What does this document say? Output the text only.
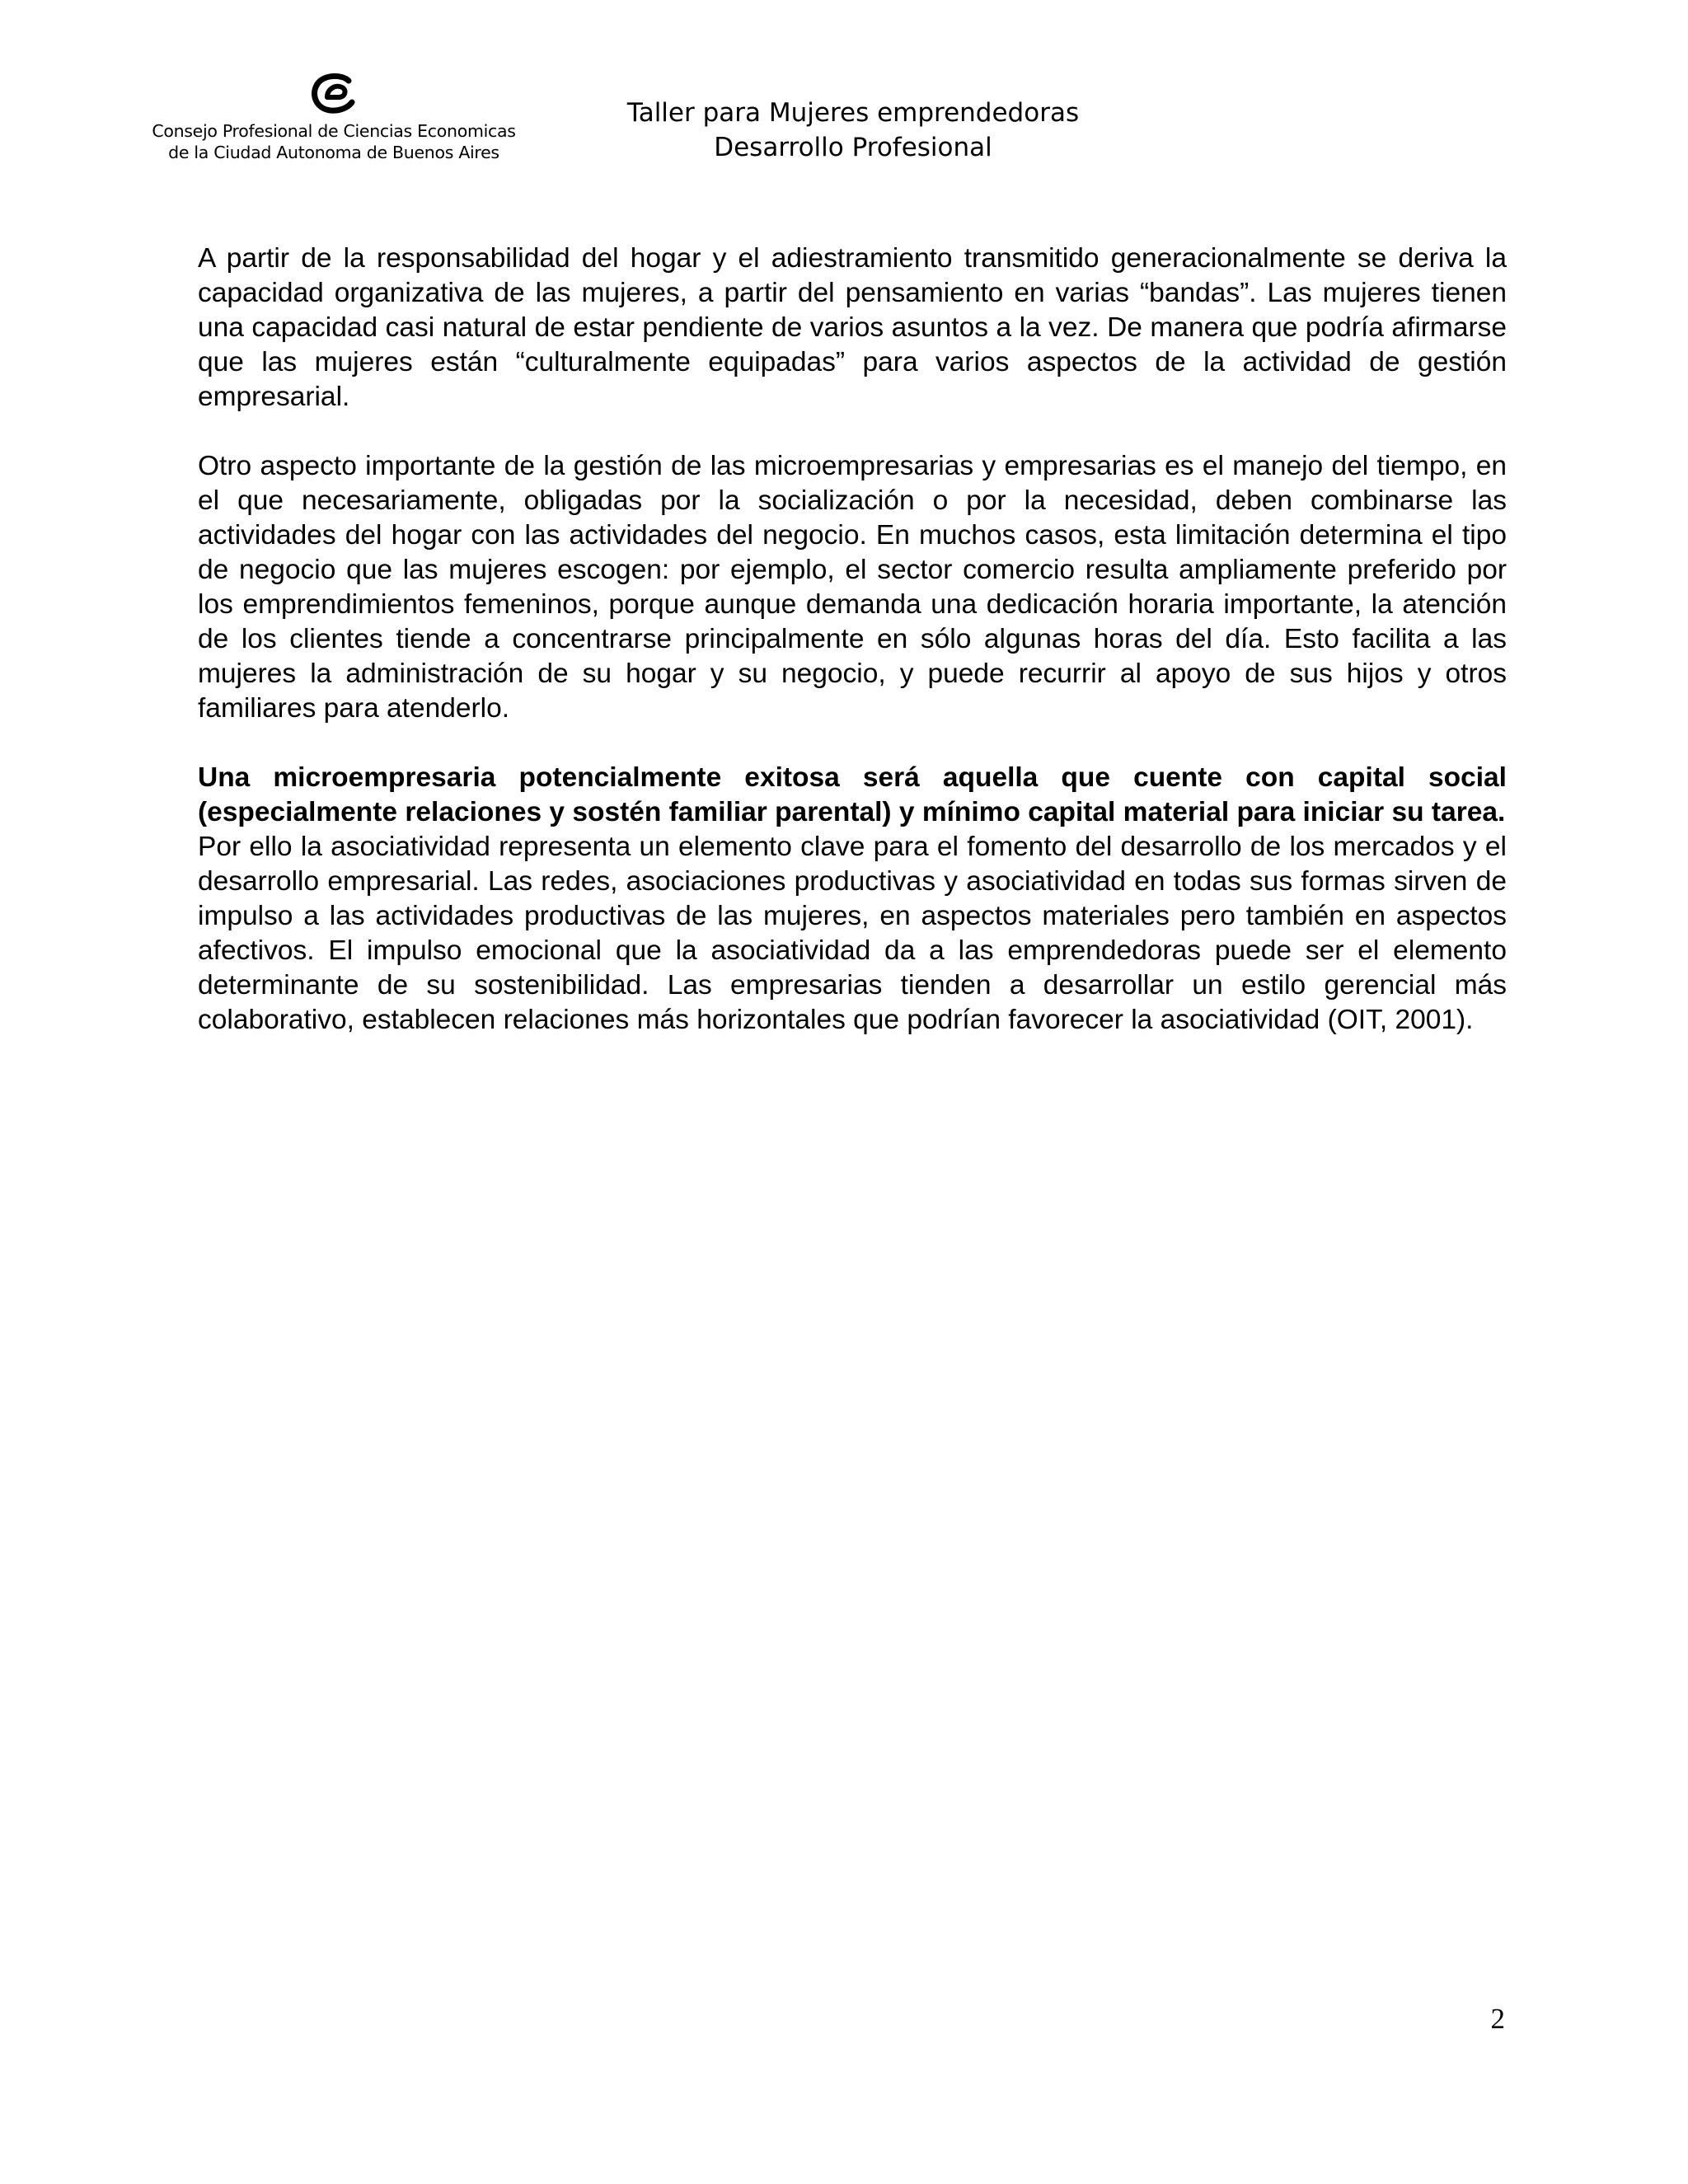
Consejo Profesional de Ciencias Economicas
de la Ciudad Autonoma de Buenos Aires
Taller para Mujeres emprendedoras
Desarrollo Profesional

A partir de la responsabilidad del hogar y el adiestramiento transmitido generacionalmente se deriva la capacidad organizativa de las mujeres, a partir del pensamiento en varias “bandas”. Las mujeres tienen una capacidad casi natural de estar pendiente de varios asuntos a la vez. De manera que podría afirmarse que las mujeres están “culturalmente equipadas” para varios aspectos de la actividad de gestión empresarial.

Otro aspecto importante de la gestión de las microempresarias y empresarias es el manejo del tiempo, en el que necesariamente, obligadas por la socialización o por la necesidad, deben combinarse las actividades del hogar con las actividades del negocio. En muchos casos, esta limitación determina el tipo de negocio que las mujeres escogen: por ejemplo, el sector comercio resulta ampliamente preferido por los emprendimientos femeninos, porque aunque demanda una dedicación horaria importante, la atención de los clientes tiende a concentrarse principalmente en sólo algunas horas del día. Esto facilita a las mujeres la administración de su hogar y su negocio, y puede recurrir al apoyo de sus hijos y otros familiares para atenderlo.

Una microempresaria potencialmente exitosa será aquella que cuente con capital social (especialmente relaciones y sostén familiar parental) y mínimo capital material para iniciar su tarea.

Por ello la asociatividad representa un elemento clave para el fomento del desarrollo de los mercados y el desarrollo empresarial. Las redes, asociaciones productivas y asociatividad en todas sus formas sirven de impulso a las actividades productivas de las mujeres, en aspectos materiales pero también en aspectos afectivos. El impulso emocional que la asociatividad da a las emprendedoras puede ser el elemento determinante de su sostenibilidad. Las empresarias tienden a desarrollar un estilo gerencial más colaborativo, establecen relaciones más horizontales que podrían favorecer la asociatividad (OIT, 2001).

2
